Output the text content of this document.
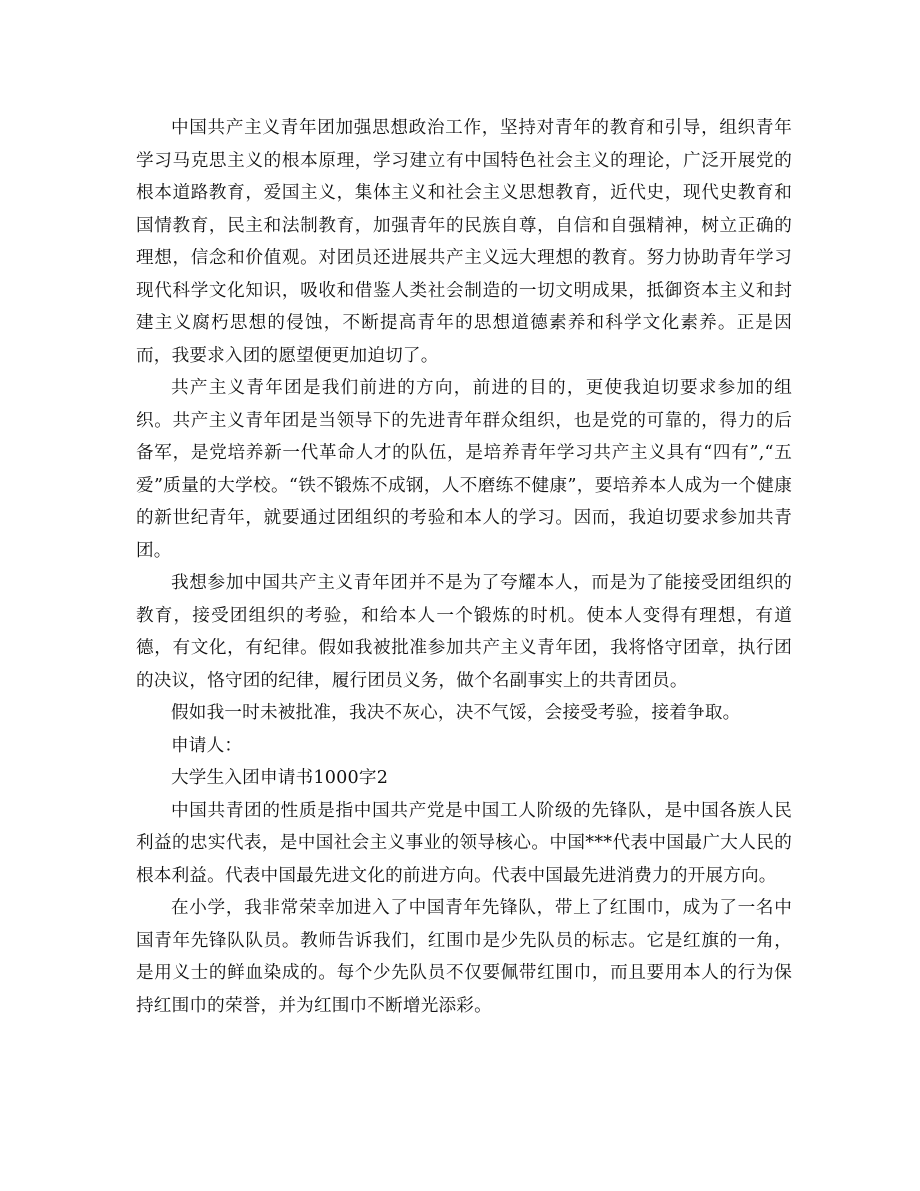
中国共产主义青年团加强思想政治工作，坚持对青年的教育和引导，组织青年学习马克思主义的根本原理，学习建立有中国特色社会主义的理论，广泛开展党的根本道路教育，爱国主义，集体主义和社会主义思想教育，近代史，现代史教育和国情教育，民主和法制教育，加强青年的民族自尊，自信和自强精神，树立正确的理想，信念和价值观。对团员还进展共产主义远大理想的教育。努力协助青年学习现代科学文化知识，吸收和借鉴人类社会制造的一切文明成果，抵御资本主义和封建主义腐朽思想的侵蚀，不断提高青年的思想道德素养和科学文化素养。正是因而，我要求入团的愿望便更加迫切了。

共产主义青年团是我们前进的方向，前进的目的，更使我迫切要求参加的组织。共产主义青年团是当领导下的先进青年群众组织，也是党的可靠的，得力的后备军，是党培养新一代革命人才的队伍，是培养青年学习共产主义具有“四有”,“五爱”质量的大学校。“铁不锻炼不成钢，人不磨练不健康”，要培养本人成为一个健康的新世纪青年，就要通过团组织的考验和本人的学习。因而，我迫切要求参加共青团。

我想参加中国共产主义青年团并不是为了夸耀本人，而是为了能接受团组织的教育，接受团组织的考验，和给本人一个锻炼的时机。使本人变得有理想，有道德，有文化，有纪律。假如我被批准参加共产主义青年团，我将恪守团章，执行团的决议，恪守团的纪律，履行团员义务，做个名副事实上的共青团员。

假如我一时未被批准，我决不灰心，决不气馁，会接受考验，接着争取。

申请人：

大学生入团申请书1000字2

中国共青团的性质是指中国共产党是中国工人阶级的先锋队，是中国各族人民利益的忠实代表，是中国社会主义事业的领导核心。中国***代表中国最广大人民的根本利益。代表中国最先进文化的前进方向。代表中国最先进消费力的开展方向。

在小学，我非常荣幸加进入了中国青年先锋队，带上了红围巾，成为了一名中国青年先锋队队员。教师告诉我们，红围巾是少先队员的标志。它是红旗的一角，是用义士的鲜血染成的。每个少先队员不仅要佩带红围巾，而且要用本人的行为保持红围巾的荣誉，并为红围巾不断增光添彩。
